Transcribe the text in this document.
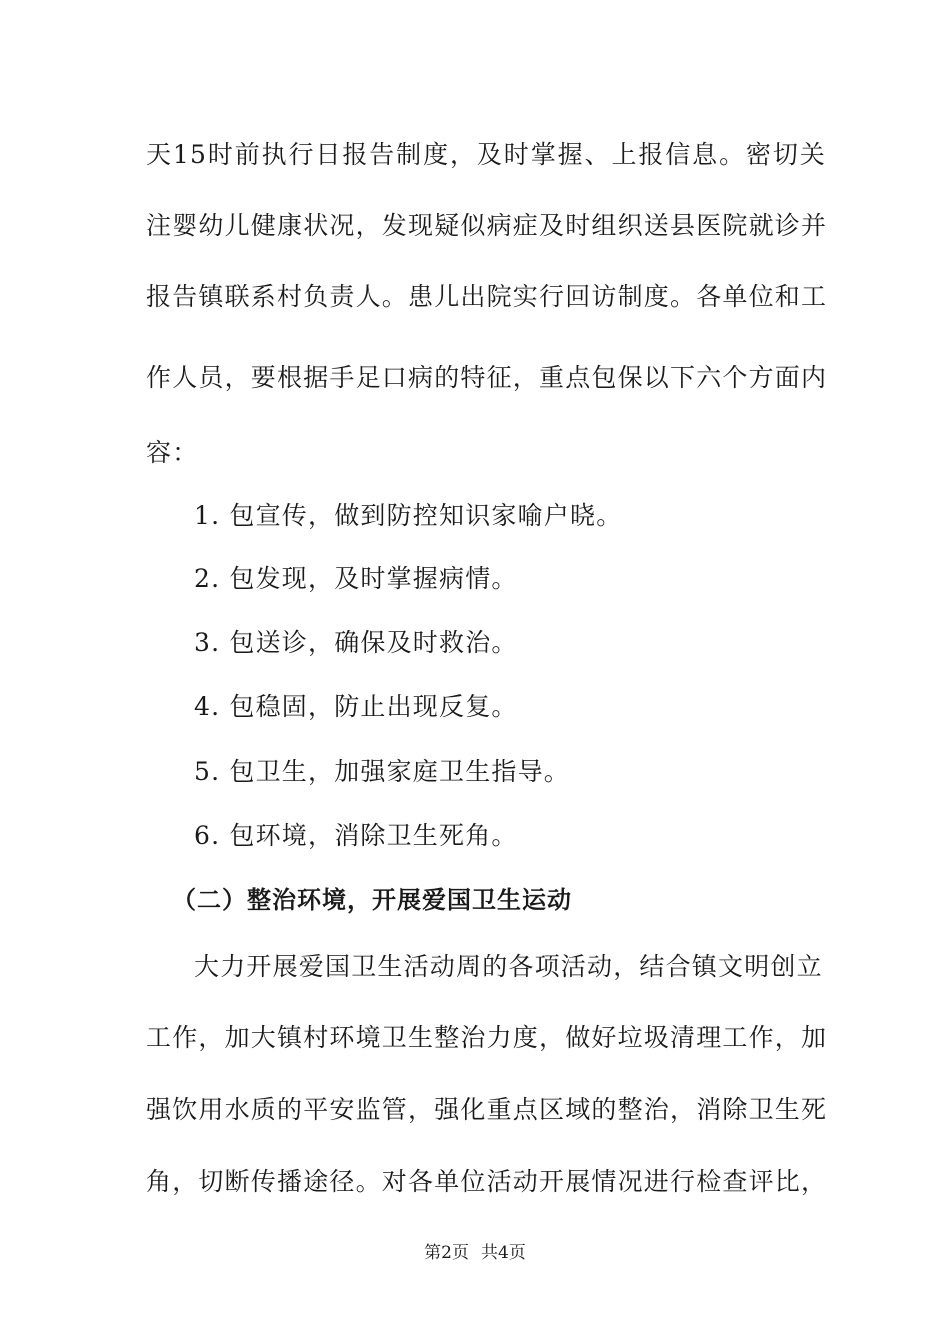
天15时前执行日报告制度，及时掌握、上报信息。密切关
注婴幼儿健康状况，发现疑似病症及时组织送县医院就诊并
报告镇联系村负责人。患儿出院实行回访制度。各单位和工
作人员，要根据手足口病的特征，重点包保以下六个方面内
容：
1. 包宣传，做到防控知识家喻户晓。
2. 包发现，及时掌握病情。
3. 包送诊，确保及时救治。
4. 包稳固，防止出现反复。
5. 包卫生，加强家庭卫生指导。
6. 包环境，消除卫生死角。
（二）整治环境，开展爱国卫生运动
大力开展爱国卫生活动周的各项活动，结合镇文明创立
工作，加大镇村环境卫生整治力度，做好垃圾清理工作，加
强饮用水质的平安监管，强化重点区域的整治，消除卫生死
角，切断传播途径。对各单位活动开展情况进行检查评比，
第2页 共4页
